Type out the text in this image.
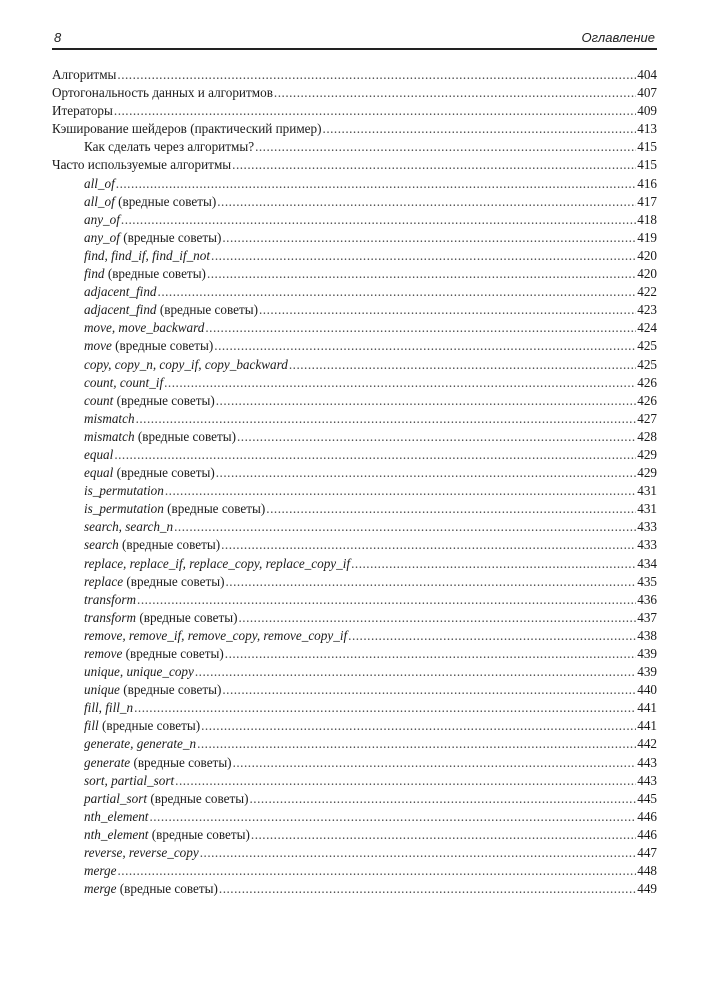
8	Оглавление
Алгоритмы .....	404
Ортогональность данных и алгоритмов .....	407
Итераторы .....	409
Кэширование шейдеров (практический пример) .....	413
Как сделать через алгоритмы? .....	415
Часто используемые алгоритмы .....	415
all_of .....	416
all_of (вредные советы) .....	417
any_of .....	418
any_of (вредные советы) .....	419
find, find_if, find_if_not .....	420
find (вредные советы) .....	420
adjacent_find .....	422
adjacent_find (вредные советы) .....	423
move, move_backward .....	424
move (вредные советы) .....	425
copy, copy_n, copy_if, copy_backward .....	425
count, count_if .....	426
count (вредные советы) .....	426
mismatch .....	427
mismatch (вредные советы) .....	428
equal .....	429
equal (вредные советы) .....	429
is_permutation .....	431
is_permutation (вредные советы) .....	431
search, search_n .....	433
search (вредные советы) .....	433
replace, replace_if, replace_copy, replace_copy_if .....	434
replace (вредные советы) .....	435
transform .....	436
transform (вредные советы) .....	437
remove, remove_if, remove_copy, remove_copy_if .....	438
remove (вредные советы) .....	439
unique, unique_copy .....	439
unique (вредные советы) .....	440
fill, fill_n .....	441
fill (вредные советы) .....	441
generate, generate_n .....	442
generate (вредные советы) .....	443
sort, partial_sort .....	443
partial_sort (вредные советы) .....	445
nth_element .....	446
nth_element (вредные советы) .....	446
reverse, reverse_copy .....	447
merge .....	448
merge (вредные советы) .....	449
